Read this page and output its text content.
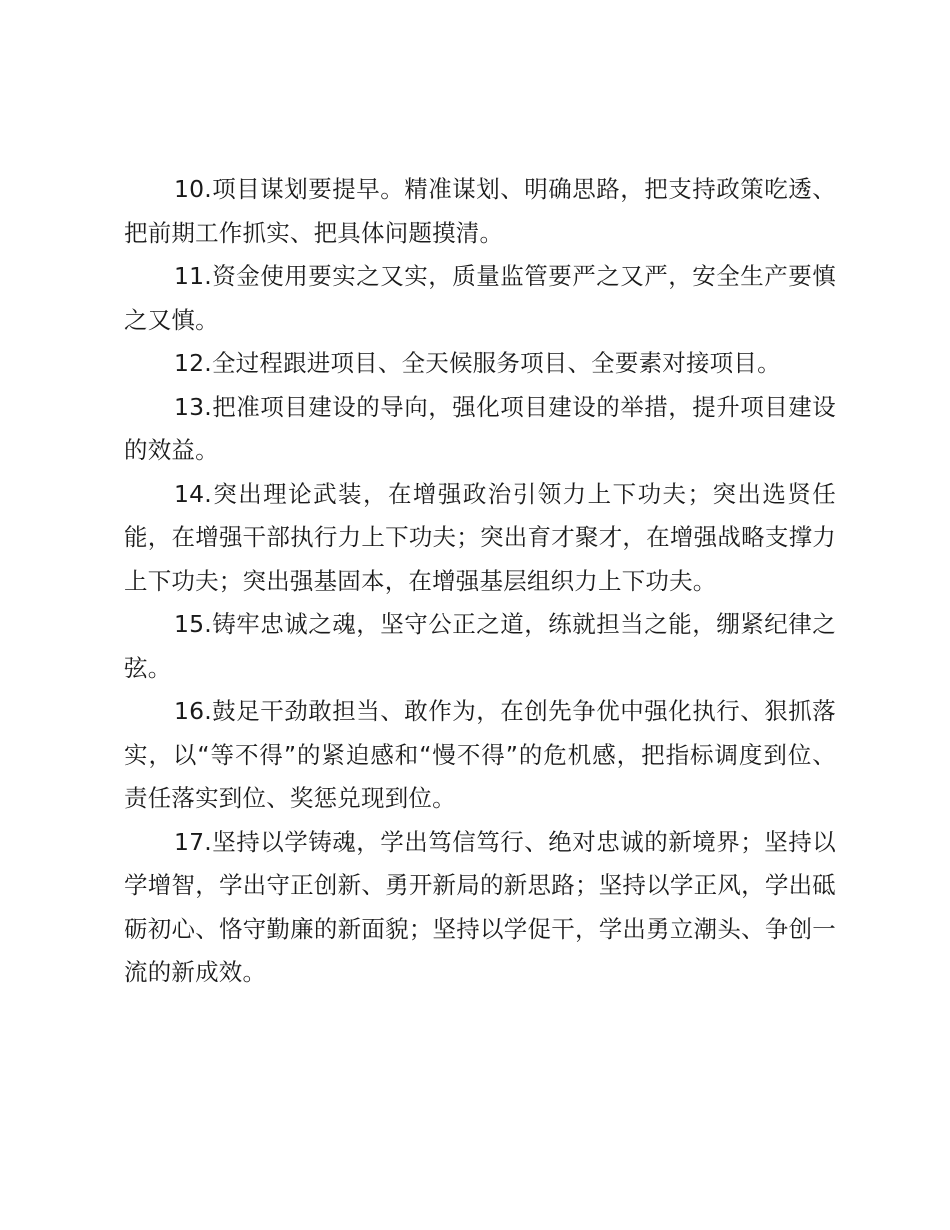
10.项目谋划要提早。精准谋划、明确思路，把支持政策吃透、把前期工作抓实、把具体问题摸清。

11.资金使用要实之又实，质量监管要严之又严，安全生产要慎之又慎。

12.全过程跟进项目、全天候服务项目、全要素对接项目。

13.把准项目建设的导向，强化项目建设的举措，提升项目建设的效益。

14.突出理论武装，在增强政治引领力上下功夫；突出选贤任能，在增强干部执行力上下功夫；突出育才聚才，在增强战略支撑力上下功夫；突出强基固本，在增强基层组织力上下功夫。

15.铸牢忠诚之魂，坚守公正之道，练就担当之能，绷紧纪律之弦。

16.鼓足干劲敢担当、敢作为，在创先争优中强化执行、狠抓落实，以“等不得”的紧迫感和“慢不得”的危机感，把指标调度到位、责任落实到位、奖惩兑现到位。

17.坚持以学铸魂，学出笃信笃行、绝对忠诚的新境界；坚持以学增智，学出守正创新、勇开新局的新思路；坚持以学正风，学出砥砺初心、恪守勤廉的新面貌；坚持以学促干，学出勇立潮头、争创一流的新成效。
